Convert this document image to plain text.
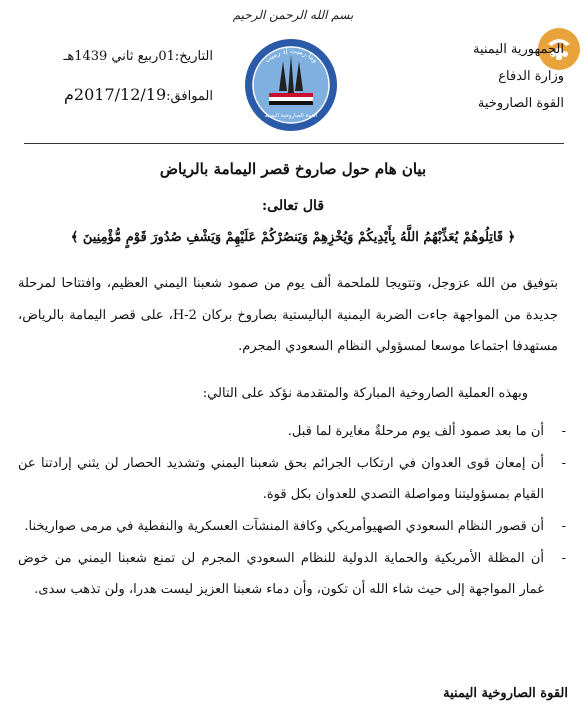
بسم الله الرحمن الرحيم
الجمهورية اليمنية
وزارة الدفاع
القوة الصاروخية
وما رميت إذ رميت
القوة الصاروخية اليمنية
التاريخ:01ربيع ثاني 1439هـ
الموافق:2017/12/19م
بيان هام حول صاروخ قصر اليمامة بالرياض
قال تعالى:
﴿ قَاتِلُوهُمْ يُعَذِّبْهُمُ اللَّهُ بِأَيْدِيكُمْ وَيُخْزِهِمْ وَيَنصُرْكُمْ عَلَيْهِمْ وَيَشْفِ صُدُورَ قَوْمٍ مُّؤْمِنِينَ ﴾
بتوفيق من الله عزوجل، وتتويجا للملحمة ألف يوم من صمود شعبنا اليمني العظيم، وافتتاحا لمرحلة جديدة من المواجهة جاءت الضربة اليمنية الباليستية بصاروخ بركان 2-H، على قصر اليمامة بالرياض، مستهدفا اجتماعا موسعا لمسؤولي النظام السعودي المجرم.
وبهذه العملية الصاروخية المباركة والمتقدمة نؤكد على التالي:
-
أن ما بعد صمود ألف يوم مرحلةٌ مغايرة لما قبل.
-
أن إمعان قوى العدوان في ارتكاب الجرائم بحق شعبنا اليمني وتشديد الحصار لن يثني إرادتنا عن القيام بمسؤوليتنا ومواصلة التصدي للعدوان بكل قوة.
-
أن قصور النظام السعودي الصهيوأمريكي وكافة المنشآت العسكرية والنفطية في مرمى صواريخنا.
-
أن المظلة الأمريكية والحماية الدولية للنظام السعودي المجرم لن تمنع شعبنا اليمني من خوض غمار المواجهة إلى حيث شاء الله أن تكون، وأن دماء شعبنا العزيز ليست هدرا، ولن تذهب سدى.
القوة الصاروخية اليمنية
